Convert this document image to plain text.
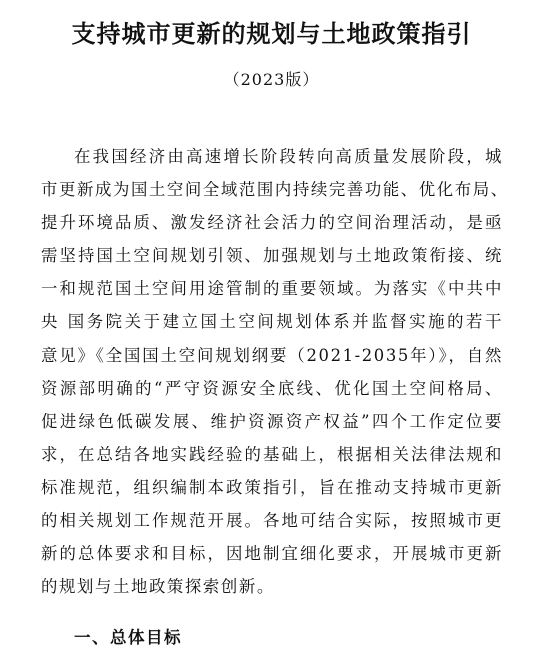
支持城市更新的规划与土地政策指引
（2023版）

在我国经济由高速增长阶段转向高质量发展阶段，城
市更新成为国土空间全域范围内持续完善功能、优化布局、
提升环境品质、激发经济社会活力的空间治理活动，是亟
需坚持国土空间规划引领、加强规划与土地政策衔接、统
一和规范国土空间用途管制的重要领域。为落实《中共中
央 国务院关于建立国土空间规划体系并监督实施的若干
意见》《全国国土空间规划纲要（2021-2035年）》，自然
资源部明确的“严守资源安全底线、优化国土空间格局、
促进绿色低碳发展、维护资源资产权益”四个工作定位要
求，在总结各地实践经验的基础上，根据相关法律法规和
标准规范，组织编制本政策指引，旨在推动支持城市更新
的相关规划工作规范开展。各地可结合实际，按照城市更
新的总体要求和目标，因地制宜细化要求，开展城市更新
的规划与土地政策探索创新。

一、总体目标
